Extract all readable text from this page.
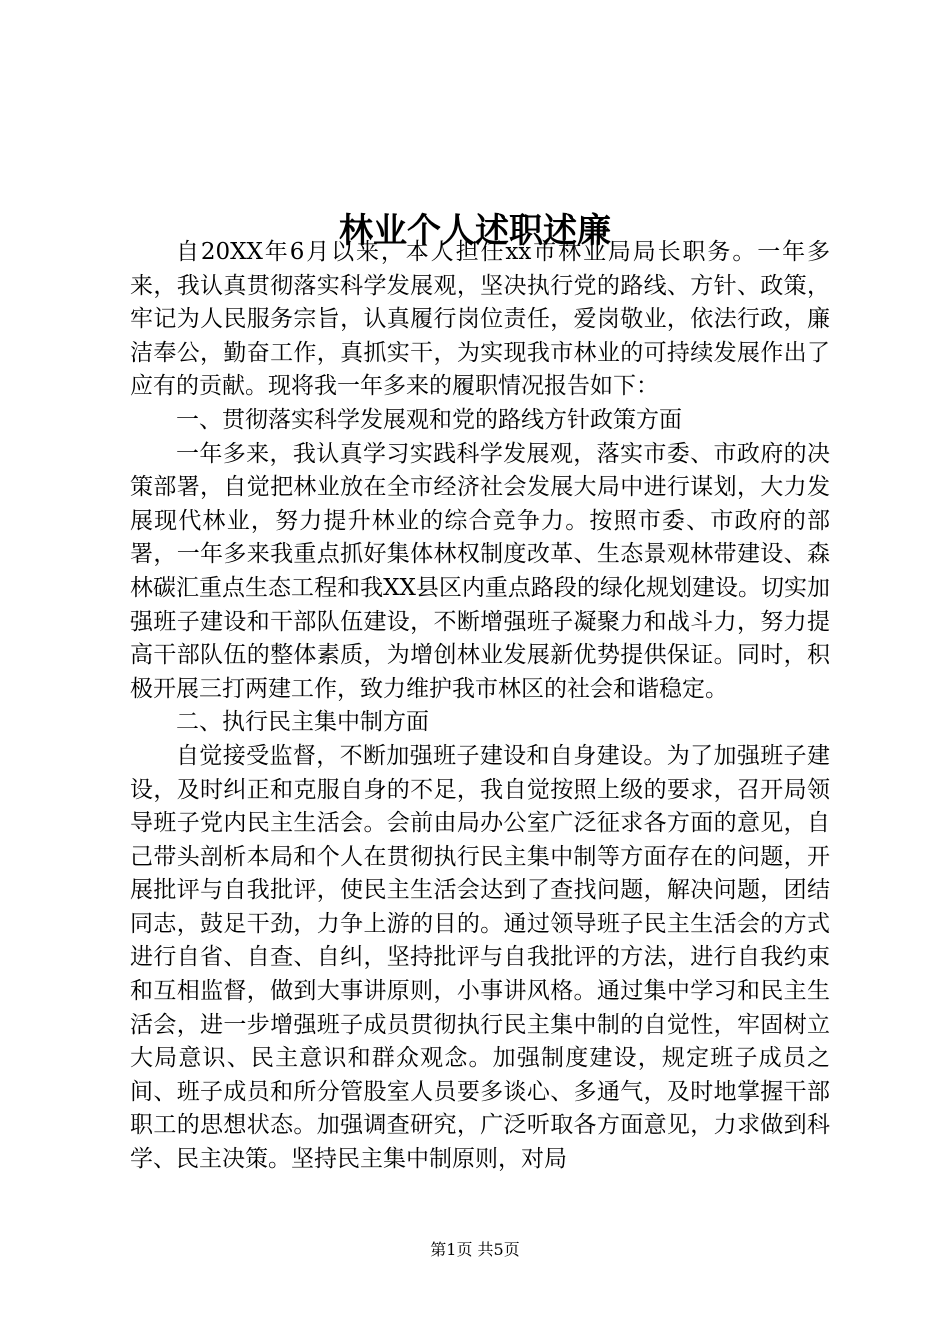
林业个人述职述廉

自20XX年6月以来，本人担任xx市林业局局长职务。一年多来，我认真贯彻落实科学发展观，坚决执行党的路线、方针、政策，牢记为人民服务宗旨，认真履行岗位责任，爱岗敬业，依法行政，廉洁奉公，勤奋工作，真抓实干，为实现我市林业的可持续发展作出了应有的贡献。现将我一年多来的履职情况报告如下：

一、贯彻落实科学发展观和党的路线方针政策方面

一年多来，我认真学习实践科学发展观，落实市委、市政府的决策部署，自觉把林业放在全市经济社会发展大局中进行谋划，大力发展现代林业，努力提升林业的综合竞争力。按照市委、市政府的部署，一年多来我重点抓好集体林权制度改革、生态景观林带建设、森林碳汇重点生态工程和我XX县区内重点路段的绿化规划建设。切实加强班子建设和干部队伍建设，不断增强班子凝聚力和战斗力，努力提高干部队伍的整体素质，为增创林业发展新优势提供保证。同时，积极开展三打两建工作，致力维护我市林区的社会和谐稳定。

二、执行民主集中制方面

自觉接受监督，不断加强班子建设和自身建设。为了加强班子建设，及时纠正和克服自身的不足，我自觉按照上级的要求，召开局领导班子党内民主生活会。会前由局办公室广泛征求各方面的意见，自己带头剖析本局和个人在贯彻执行民主集中制等方面存在的问题，开展批评与自我批评，使民主生活会达到了查找问题，解决问题，团结同志，鼓足干劲，力争上游的目的。通过领导班子民主生活会的方式进行自省、自查、自纠，坚持批评与自我批评的方法，进行自我约束和互相监督，做到大事讲原则，小事讲风格。通过集中学习和民主生活会，进一步增强班子成员贯彻执行民主集中制的自觉性，牢固树立大局意识、民主意识和群众观念。加强制度建设，规定班子成员之间、班子成员和所分管股室人员要多谈心、多通气，及时地掌握干部职工的思想状态。加强调查研究，广泛听取各方面意见，力求做到科学、民主决策。坚持民主集中制原则，对局

第1页 共5页
